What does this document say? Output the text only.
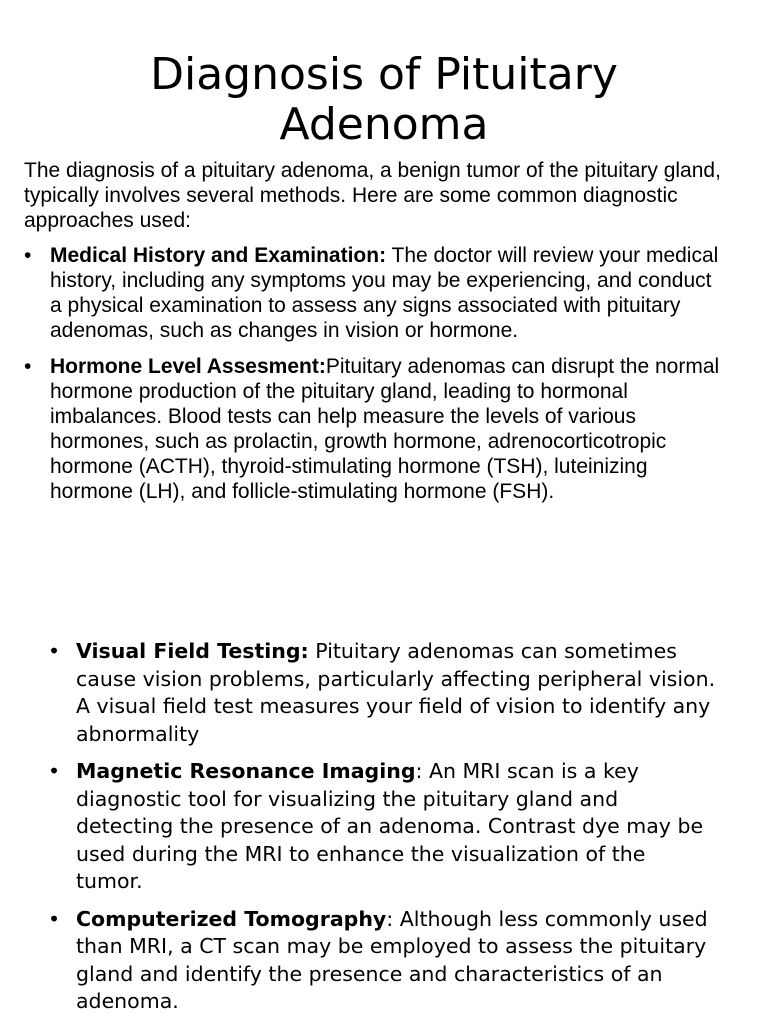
Diagnosis of Pituitary Adenoma

The diagnosis of a pituitary adenoma, a benign tumor of the pituitary gland, typically involves several methods. Here are some common diagnostic approaches used:

• Medical History and Examination: The doctor will review your medical history, including any symptoms you may be experiencing, and conduct a physical examination to assess any signs associated with pituitary adenomas, such as changes in vision or hormone.
• Hormone Level Assesment:Pituitary adenomas can disrupt the normal hormone production of the pituitary gland, leading to hormonal imbalances. Blood tests can help measure the levels of various hormones, such as prolactin, growth hormone, adrenocorticotropic hormone (ACTH), thyroid-stimulating hormone (TSH), luteinizing hormone (LH), and follicle-stimulating hormone (FSH).
• Visual Field Testing: Pituitary adenomas can sometimes cause vision problems, particularly affecting peripheral vision. A visual field test measures your field of vision to identify any abnormality
• Magnetic Resonance Imaging: An MRI scan is a key diagnostic tool for visualizing the pituitary gland and detecting the presence of an adenoma. Contrast dye may be used during the MRI to enhance the visualization of the tumor.
• Computerized Tomography: Although less commonly used than MRI, a CT scan may be employed to assess the pituitary gland and identify the presence and characteristics of an adenoma.
